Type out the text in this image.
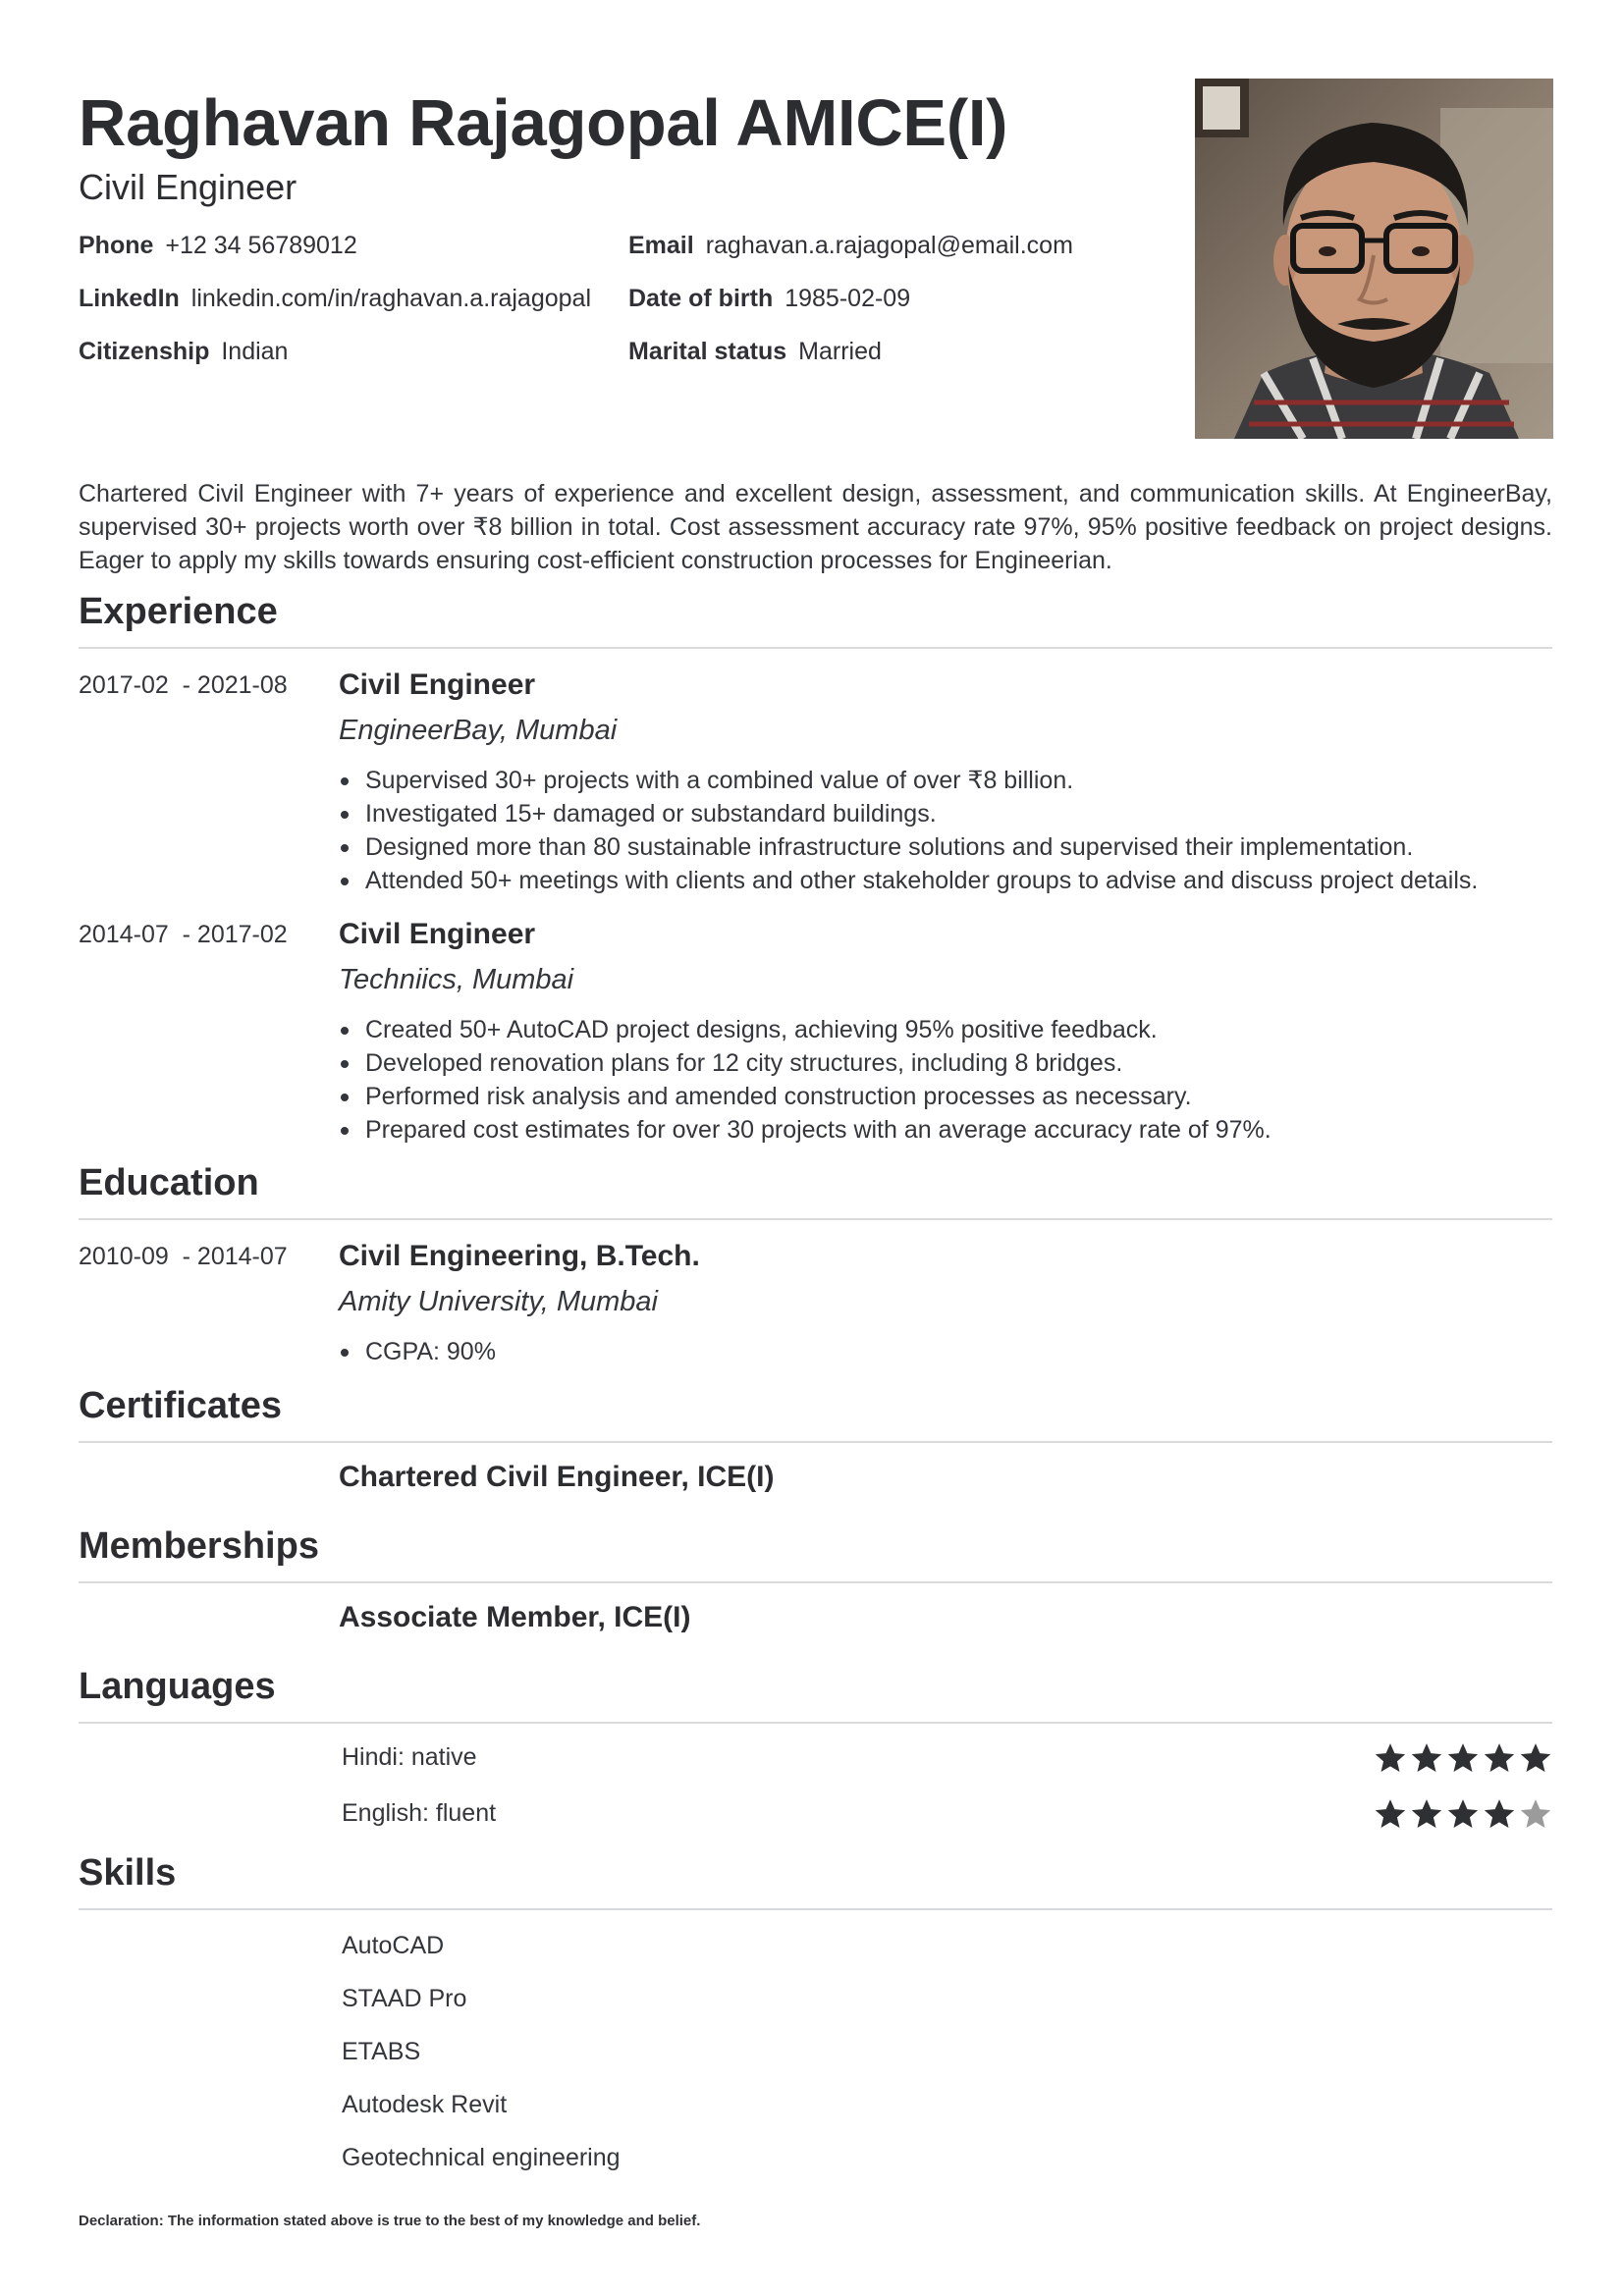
Raghavan Rajagopal AMICE(I)
Civil Engineer
Phone +12 34 56789012	Email raghavan.a.rajagopal@email.com
LinkedIn linkedin.com/in/raghavan.a.rajagopal Date of birth 1985-02-09
Citizenship Indian	Marital status Married

Chartered Civil Engineer with 7+ years of experience and excellent design, assessment, and communication skills. At EngineerBay, supervised 30+ projects worth over ₹8 billion in total. Cost assessment accuracy rate 97%, 95% positive feedback on project designs. Eager to apply my skills towards ensuring cost-efficient construction processes for Engineerian.

Experience
2017-02  - 2021-08 Civil Engineer
EngineerBay, Mumbai
Supervised 30+ projects with a combined value of over ₹8 billion.
Investigated 15+ damaged or substandard buildings.
Designed more than 80 sustainable infrastructure solutions and supervised their implementation.
Attended 50+ meetings with clients and other stakeholder groups to advise and discuss project details.
2014-07  - 2017-02 Civil Engineer
Techniics, Mumbai
Created 50+ AutoCAD project designs, achieving 95% positive feedback.
Developed renovation plans for 12 city structures, including 8 bridges.
Performed risk analysis and amended construction processes as necessary.
Prepared cost estimates for over 30 projects with an average accuracy rate of 97%.
Education
2010-09  - 2014-07 Civil Engineering, B.Tech.
Amity University, Mumbai
CGPA: 90%
Certificates
Chartered Civil Engineer, ICE(I)
Memberships
Associate Member, ICE(I)
Languages
Hindi: native
English: fluent
Skills
AutoCAD
STAAD Pro
ETABS
Autodesk Revit
Geotechnical engineering
Declaration: The information stated above is true to the best of my knowledge and belief.
